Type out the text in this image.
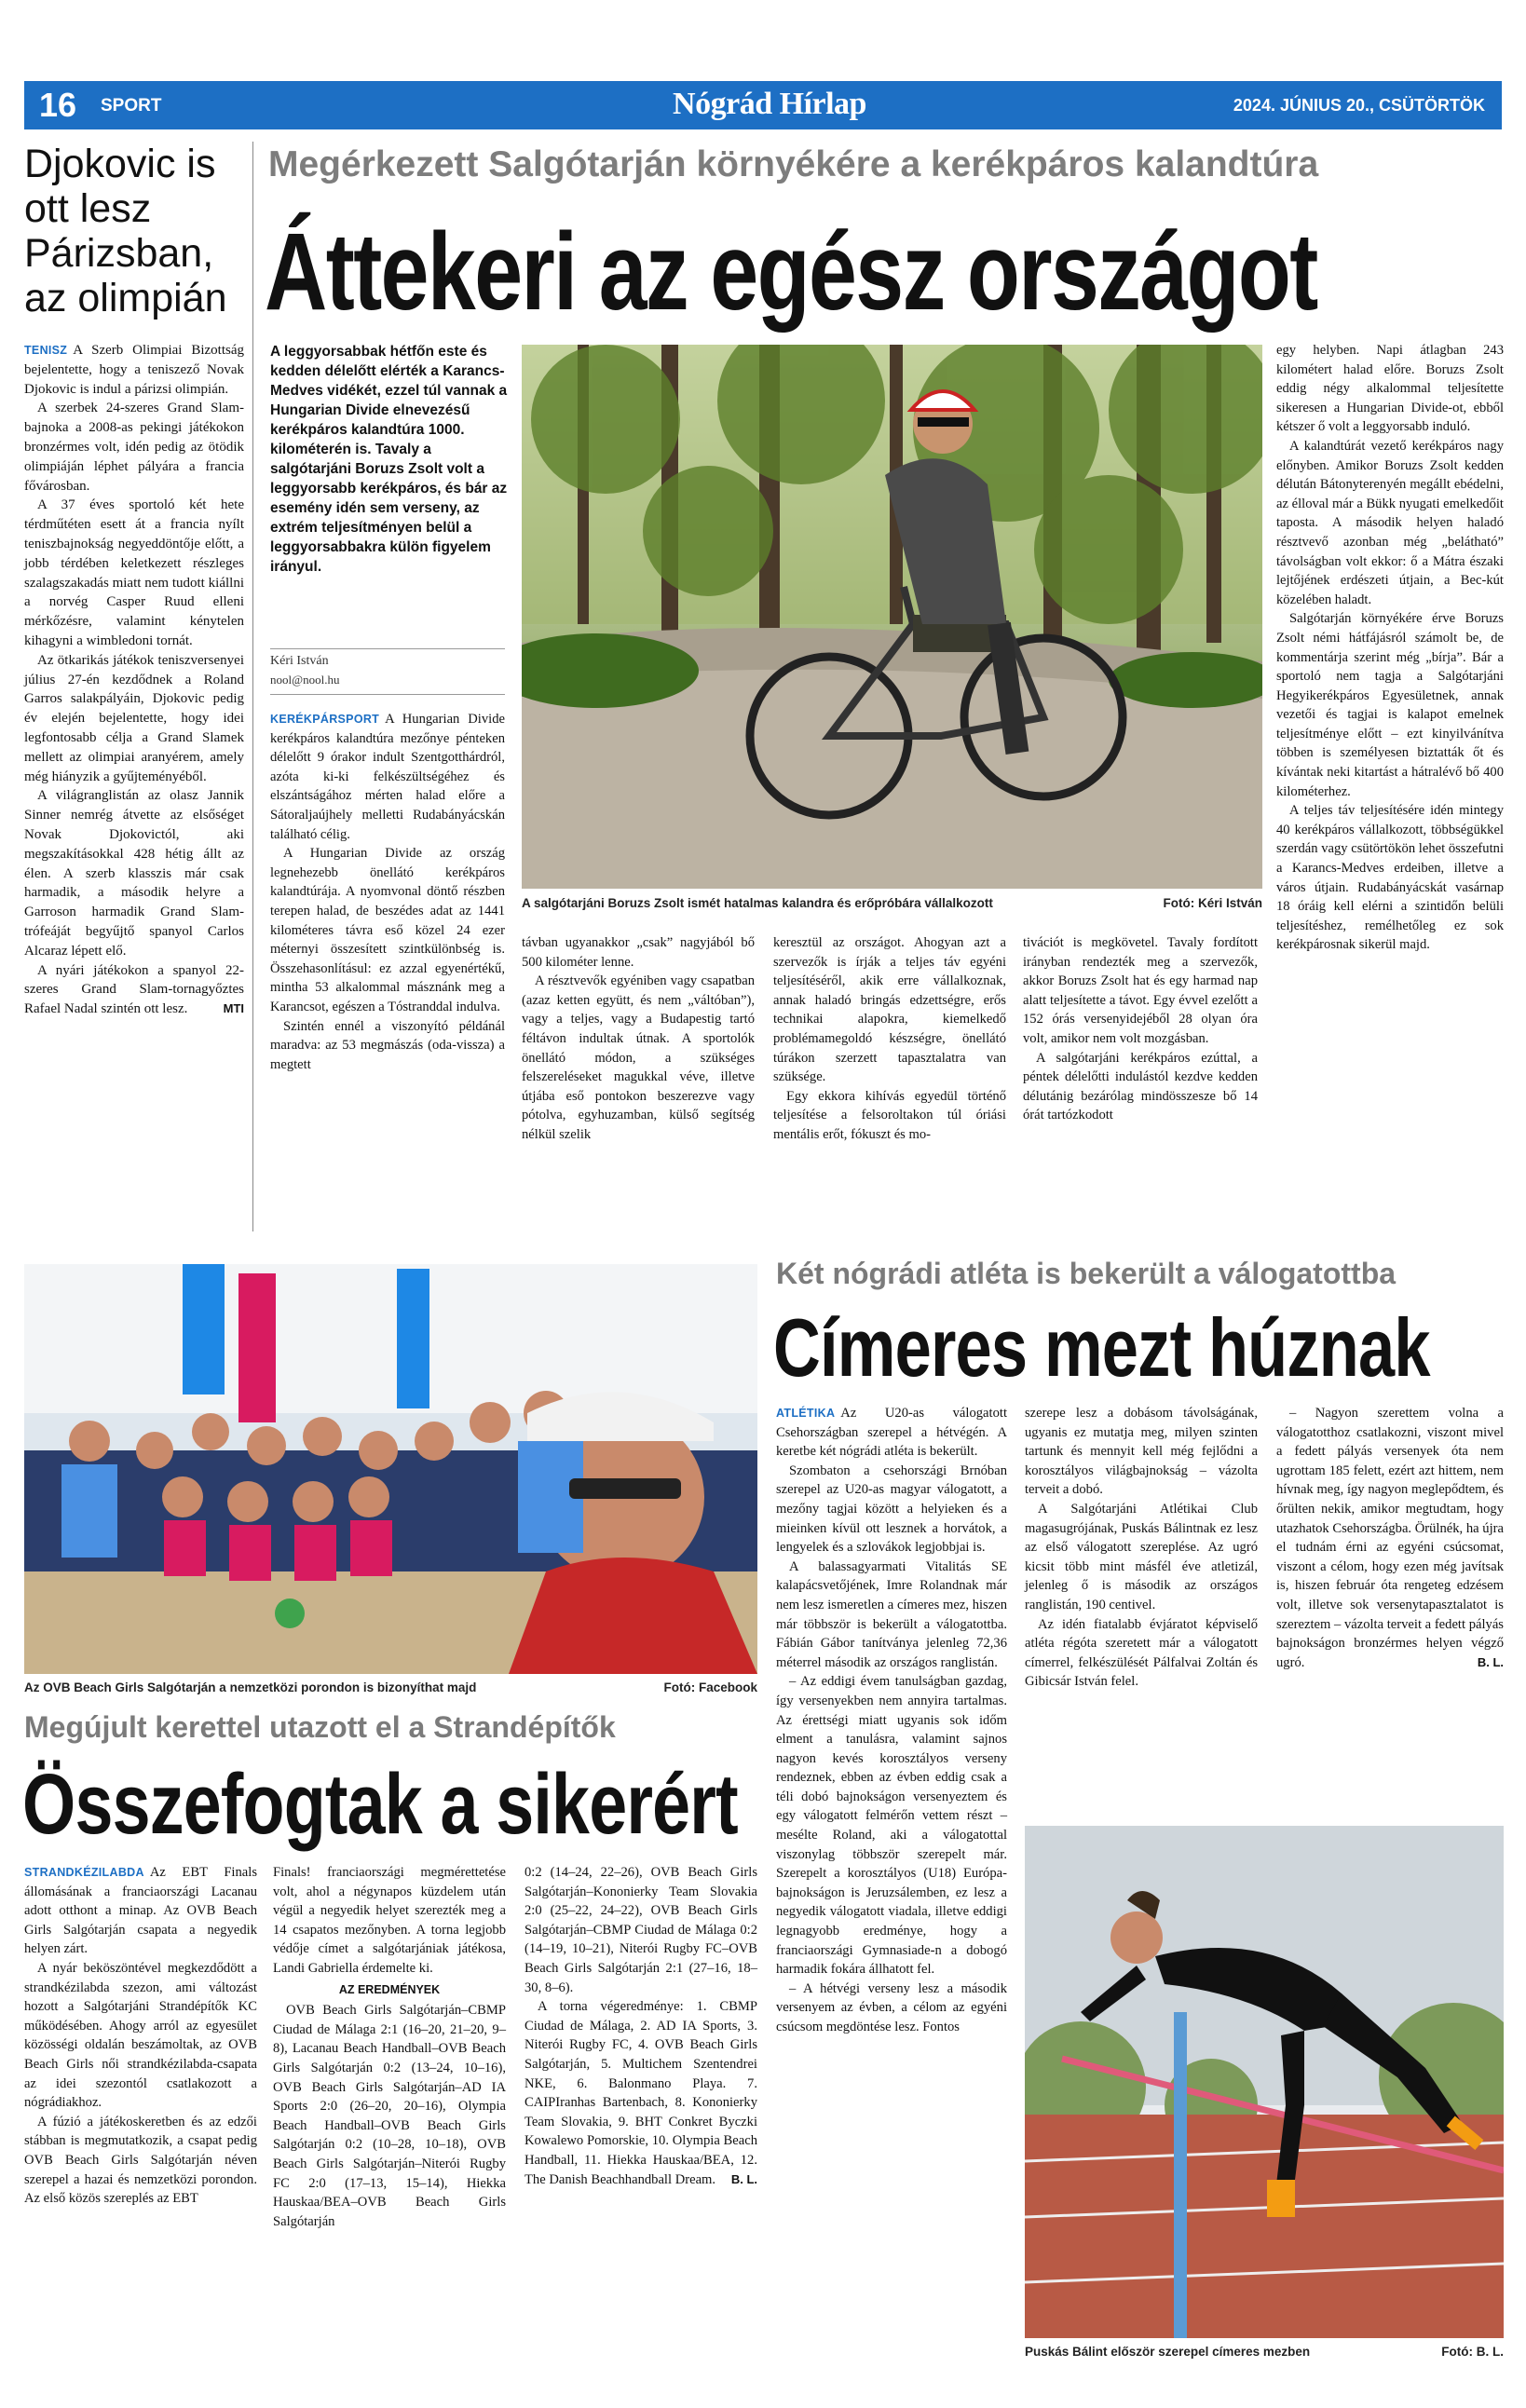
16 SPORT	Nógrád Hírlap	2024. JÚNIUS 20., CSÜTÖRTÖK
Djokovic is ott lesz Párizsban, az olimpián

TENISZ A Szerb Olimpiai Bizottság bejelentette, hogy a teniszező Novak Djokovic is indul a párizsi olimpián.

A szerbek 24-szeres Grand Slam-bajnoka a 2008-as pekingi játékokon bronzérmes volt, idén pedig az ötödik olimpiáján léphet pályára a francia fővárosban.

A 37 éves sportoló két hete térdműtéten esett át a francia nyílt teniszbajnokság negyeddöntője előtt, a jobb térdében keletkezett részleges szalagszakadás miatt nem tudott kiállni a norvég Casper Ruud elleni mérkőzésre, valamint kénytelen kihagyni a wimbledoni tornát.

Az ötkarikás játékok teniszversenyei július 27-én kezdődnek a Roland Garros salakpályáin, Djokovic pedig év elején bejelentette, hogy idei legfontosabb célja a Grand Slamek mellett az olimpiai aranyérem, amely még hiányzik a gyűjteményéből.

A világranglistán az olasz Jannik Sinner nemrég átvette az elsőséget Novak Djokovictól, aki megszakításokkal 428 hétig állt az élen. A szerb klasszis már csak harmadik, a második helyre a Garroson harmadik Grand Slam-trófeáját begyűjtő spanyol Carlos Alcaraz lépett elő.

A nyári játékokon a spanyol 22-szeres Grand Slam-tornagyőztes Rafael Nadal szintén ott lesz.	MTI

Megérkezett Salgótarján környékére a kerékpáros kalandtúra
Áttekeri az egész országot
A leggyorsabbak hétfőn este és kedden délelőtt elérték a Karancs-Medves vidékét, ezzel túl vannak a Hungarian Divide elnevezésű kerékpáros kalandtúra 1000. kilométerén is. Tavaly a salgótarjáni Boruzs Zsolt volt a leggyorsabb kerékpáros, és bár az esemény idén sem verseny, az extrém teljesítményen belül a leggyorsabbakra külön figyelem irányul.
Kéri István
nool@nool.hu

KERÉKPÁRSPORT A Hungarian Divide kerékpáros kalandtúra mezőnye pénteken délelőtt 9 órakor indult Szentgotthárdról, azóta ki-ki felkészültségéhez és elszántságához mérten halad előre a Sátoraljaújhely melletti Rudabányácskán található célig.

A Hungarian Divide az ország legnehezebb önellátó kerékpáros kalandtúrája. A nyomvonal döntő részben terepen halad, de beszédes adat az 1441 kilométeres távra eső közel 24 ezer méternyi összesített szintkülönbség is. Összehasonlításul: ez azzal egyenértékű, mintha 53 alkalommal másznánk meg a Karancsot, egészen a Tóstranddal indulva.

Szintén ennél a viszonyító példánál maradva: az 53 megmászás (oda-vissza) a megtett

A salgótarjáni Boruzs Zsolt ismét hatalmas kalandra és erőpróbára vállalkozott	Fotó: Kéri István

távban ugyanakkor „csak” nagyjából bő 500 kilométer lenne.

A résztvevők egyéniben vagy csapatban (azaz ketten együtt, és nem „váltóban”), vagy a teljes, vagy a Budapestig tartó féltávon indultak útnak. A sportolók önellátó módon, a szükséges felszereléseket magukkal véve, illetve útjába eső pontokon beszerezve vagy pótolva, egyhuzamban, külső segítség nélkül szelik

keresztül az országot. Ahogyan azt a szervezők is írják a teljes táv egyéni teljesítéséről, akik erre vállalkoznak, annak haladó bringás edzettségre, erős technikai alapokra, kiemelkedő problémamegoldó készségre, önellátó túrákon szerzett tapasztalatra van szüksége.

Egy ekkora kihívás egyedül történő teljesítése a felsoroltakon túl óriási mentális erőt, fókuszt és mo-

tivációt is megkövetel. Tavaly fordított irányban rendezték meg a szervezők, akkor Boruzs Zsolt hat és egy harmad nap alatt teljesítette a távot. Egy évvel ezelőtt a 152 órás versenyidejéből 28 olyan óra volt, amikor nem volt mozgásban.

A salgótarjáni kerékpáros ezúttal, a péntek délelőtti indulástól kezdve kedden délutánig bezárólag mindösszesze bő 14 órát tartózkodott

egy helyben. Napi átlagban 243 kilométert halad előre. Boruzs Zsolt eddig négy alkalommal teljesítette sikeresen a Hungarian Divide-ot, ebből kétszer ő volt a leggyorsabb induló.

A kalandtúrát vezető kerékpáros nagy előnyben. Amikor Boruzs Zsolt kedden délután Bátonyterenyén megállt ebédelni, az élloval már a Bükk nyugati emelkedőit taposta. A második helyen haladó résztvevő azonban még „belátható” távolságban volt ekkor: ő a Mátra északi lejtőjének erdészeti útjain, a Bec-kút közelében haladt.

Salgótarján környékére érve Boruzs Zsolt némi hátfájásról számolt be, de kommentárja szerint még „bírja”. Bár a sportoló nem tagja a Salgótarjáni Hegyikerékpáros Egyesületnek, annak vezetői és tagjai is kalapot emelnek teljesítménye előtt – ezt kinyilvánítva többen is személyesen biztatták őt és kívántak neki kitartást a hátralévő bő 400 kilométerhez.

A teljes táv teljesítésére idén mintegy 40 kerékpáros vállalkozott, többségükkel szerdán vagy csütörtökön lehet összefutni a Karancs-Medves erdeiben, illetve a város útjain. Rudabányácskát vasárnap 18 óráig kell elérni a szintidőn belüli teljesítéshez, remélhetőleg ez sok kerékpárosnak sikerül majd.

Az OVB Beach Girls Salgótarján a nemzetközi porondon is bizonyíthat majd	Fotó: Facebook
Megújult kerettel utazott el a Strandépítők
Összefogtak a sikerért

STRANDKÉZILABDA Az EBT Finals állomásának a franciaországi Lacanau adott otthont a minap. Az OVB Beach Girls Salgótarján csapata a negyedik helyen zárt.

A nyár beköszöntével megkezdődött a strandkézilabda szezon, ami változást hozott a Salgótarjáni Strandépítők KC működésében. Ahogy arról az egyesület közösségi oldalán beszámoltak, az OVB Beach Girls női strandkézilabda-csapata az idei szezontól csatlakozott a nógrádiakhoz.

A fúzió a játékoskeretben és az edzői stábban is megmutatkozik, a csapat pedig OVB Beach Girls Salgótarján néven szerepel a hazai és nemzetközi porondon. Az első közös szereplés az EBT

Finals! franciaországi megmérettetése volt, ahol a négynapos küzdelem után végül a negyedik helyet szerezték meg a 14 csapatos mezőnyben. A torna legjobb védője címet a salgótarjániak játékosa, Landi Gabriella érdemelte ki.

AZ EREDMÉNYEK

OVB Beach Girls Salgótarján–CBMP Ciudad de Málaga 2:1 (16–20, 21–20, 9–8), Lacanau Beach Handball–OVB Beach Girls Salgótarján 0:2 (13–24, 10–16), OVB Beach Girls Salgótarján–AD IA Sports 2:0 (26–20, 20–16), Olympia Beach Handball–OVB Beach Girls Salgótarján 0:2 (10–28, 10–18), OVB Beach Girls Salgótarján–Niterói Rugby FC 2:0 (17–13, 15–14), Hiekka Hauskaa/BEA–OVB Beach Girls Salgótarján

0:2 (14–24, 22–26), OVB Beach Girls Salgótarján–Kononierky Team Slovakia 2:0 (25–22, 24–22), OVB Beach Girls Salgótarján–CBMP Ciudad de Málaga 0:2 (14–19, 10–21), Niterói Rugby FC–OVB Beach Girls Salgótarján 2:1 (27–16, 18–30, 8–6).

A torna végeredménye: 1. CBMP Ciudad de Málaga, 2. AD IA Sports, 3. Niterói Rugby FC, 4. OVB Beach Girls Salgótarján, 5. Multichem Szentendrei NKE, 6. Balonmano Playa. 7. CAIPIranhas Bartenbach, 8. Kononierky Team Slovakia, 9. BHT Conkret Byczki Kowalewo Pomorskie, 10. Olympia Beach Handball, 11. Hiekka Hauskaa/BEA, 12. The Danish Beachhandball Dream.	B. L.

Két nógrádi atléta is bekerült a válogatottba
Címeres mezt húznak

ATLÉTIKA Az U20-as válogatott Csehországban szerepel a hétvégén. A keretbe két nógrádi atléta is bekerült.

Szombaton a csehországi Brnóban szerepel az U20-as magyar válogatott, a mezőny tagjai között a helyieken és a mieinken kívül ott lesznek a horvátok, a lengyelek és a szlovákok legjobbjai is.

A balassagyarmati Vitalitás SE kalapácsvetőjének, Imre Rolandnak már nem lesz ismeretlen a címeres mez, hiszen már többször is bekerült a válogatottba. Fábián Gábor tanítványa jelenleg 72,36 méterrel második az országos ranglistán.

– Az eddigi évem tanulságban gazdag, így versenyekben nem annyira tartalmas. Az érettségi miatt ugyanis sok időm elment a tanulásra, valamint sajnos nagyon kevés korosztályos verseny rendeznek, ebben az évben eddig csak a téli dobó bajnokságon versenyeztem és egy válogatott felmérőn vettem részt – mesélte Roland, aki a válogatottal viszonylag többször szerepelt már. Szerepelt a korosztályos (U18) Európa-bajnokságon is Jeruzsálemben, ez lesz a negyedik válogatott viadala, illetve eddigi legnagyobb eredménye, hogy a franciaországi Gymnasiade-n a dobogó harmadik fokára állhatott fel.

– A hétvégi verseny lesz a második versenyem az évben, a célom az egyéni csúcsom megdöntése lesz. Fontos

szerepe lesz a dobásom távolságának, ugyanis ez mutatja meg, milyen szinten tartunk és mennyit kell még fejlődni a korosztályos világbajnokság – vázolta terveit a dobó.

A Salgótarjáni Atlétikai Club magasugrójának, Puskás Bálintnak ez lesz az első válogatott szereplése. Az ugró kicsit több mint másfél éve atletizál, jelenleg ő is második az országos ranglistán, 190 centivel.

Az idén fiatalabb évjáratot képviselő atléta régóta szeretett már a válogatott címerrel, felkészülését Pálfalvai Zoltán és Gibicsár István felel.

– Nagyon szerettem volna a válogatotthoz csatlakozni, viszont mivel a fedett pályás versenyek óta nem ugrottam 185 felett, ezért azt hittem, nem hívnak meg, így nagyon meglepődtem, és őrülten nekik, amikor megtudtam, hogy utazhatok Csehországba. Örülnék, ha újra el tudnám érni az egyéni csúcsomat, viszont a célom, hogy ezen még javítsak is, hiszen február óta rengeteg edzésem volt, illetve sok versenytapasztalatot is szereztem – vázolta terveit a fedett pályás bajnokságon bronzérmes helyen végző ugró.	B. L.

Puskás Bálint először szerepel címeres mezben	Fotó: B. L.
